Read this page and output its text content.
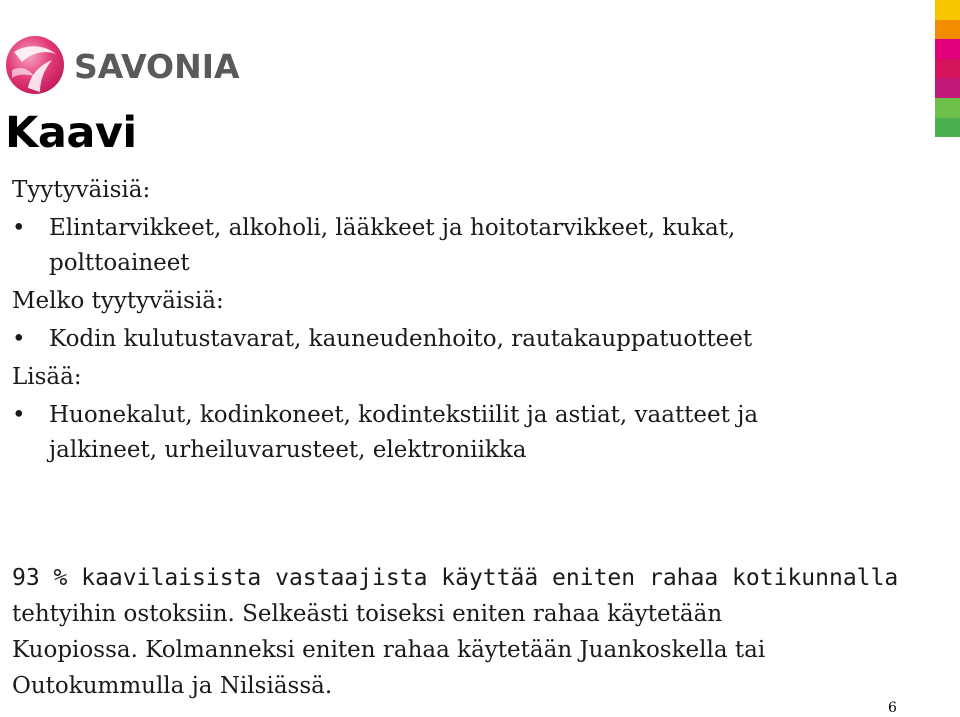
SAVONIA
Kaavi

Tyytyväisiä:

• Elintarvikkeet, alkoholi, lääkkeet ja hoitotarvikkeet, kukat,
polttoaineet

Melko tyytyväisiä:

• Kodin kulutustavarat, kauneudenhoito, rautakauppatuotteet

Lisää:

• Huonekalut, kodinkoneet, kodintekstiilit ja astiat, vaatteet ja
jalkineet, urheiluvarusteet, elektroniikka
93 % kaavilaisista vastaajista käyttää eniten rahaa kotikunnalla
tehtyihin ostoksiin. Selkeästi toiseksi eniten rahaa käytetään
Kuopiossa. Kolmanneksi eniten rahaa käytetään Juankoskella tai
Outokummulla ja Nilsiässä.
6
